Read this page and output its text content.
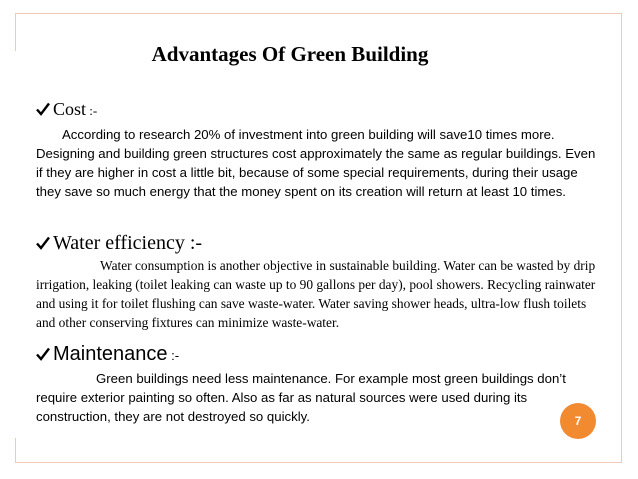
Advantages Of Green Building
Cost :-

According to research 20% of investment into green building will save10 times more. Designing and building green structures cost approximately the same as regular buildings. Even if they are higher in cost a little bit, because of some special requirements, during their usage they save so much energy that the money spent on its creation will return at least 10 times.

Water efficiency :-

Water consumption is another objective in sustainable building. Water can be wasted by drip irrigation, leaking (toilet leaking can waste up to 90 gallons per day), pool showers. Recycling rainwater and using it for toilet flushing can save waste-water. Water saving shower heads, ultra-low flush toilets and other conserving fixtures can minimize waste-water.

Maintenance :-

Green buildings need less maintenance. For example most green buildings don’t require exterior painting so often. Also as far as natural sources were used during its construction, they are not destroyed so quickly.	7
